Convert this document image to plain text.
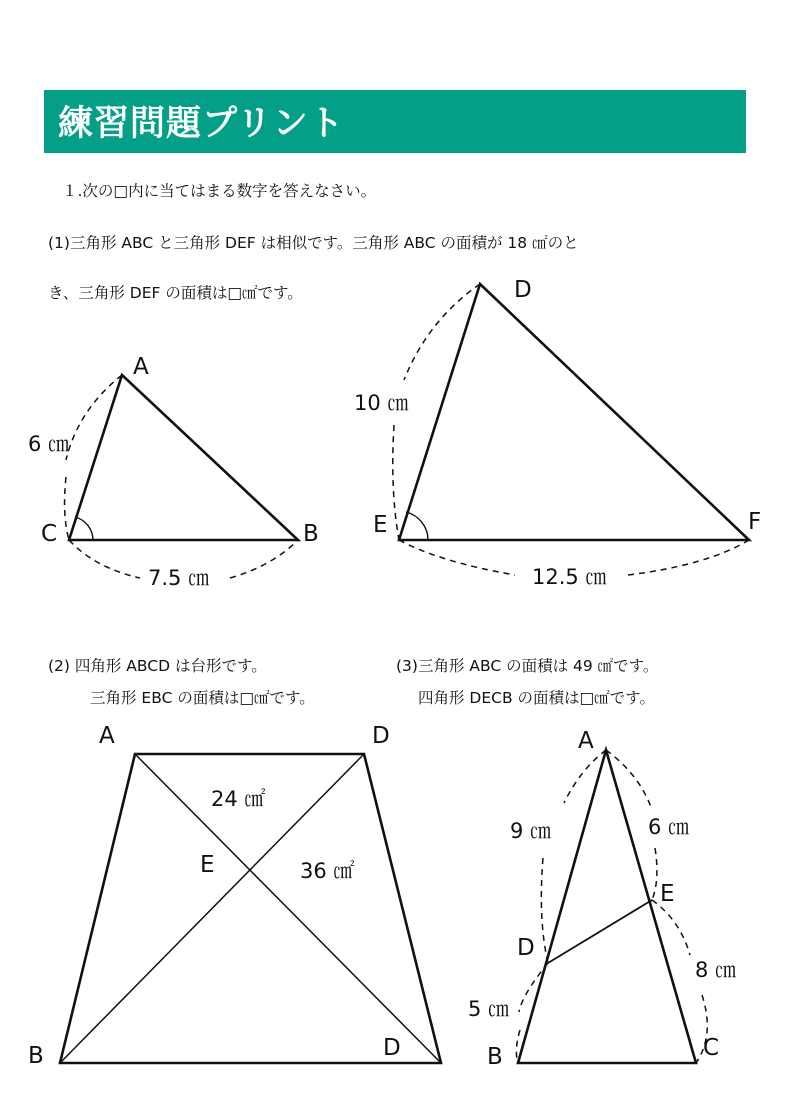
練習問題プリント
１.次の□内に当てはまる数字を答えなさい。
(1)三角形 ABC と三角形 DEF は相似です。三角形 ABC の面積が 18 ㎠のと
き、三角形 DEF の面積は□㎠です。
(2) 四角形 ABCD は台形です。
三角形 EBC の面積は□㎠です。
(3)三角形 ABC の面積は 49 ㎠です。
四角形 DECB の面積は□㎠です。
A
B
C
6 ㎝
7.5 ㎝
D
E	F
10 ㎝
12.5 ㎝
A	D
B	D
E
24 ㎠
36 ㎠
A
B	C
D
E
9 ㎝
5 ㎝
6 ㎝
8 ㎝
